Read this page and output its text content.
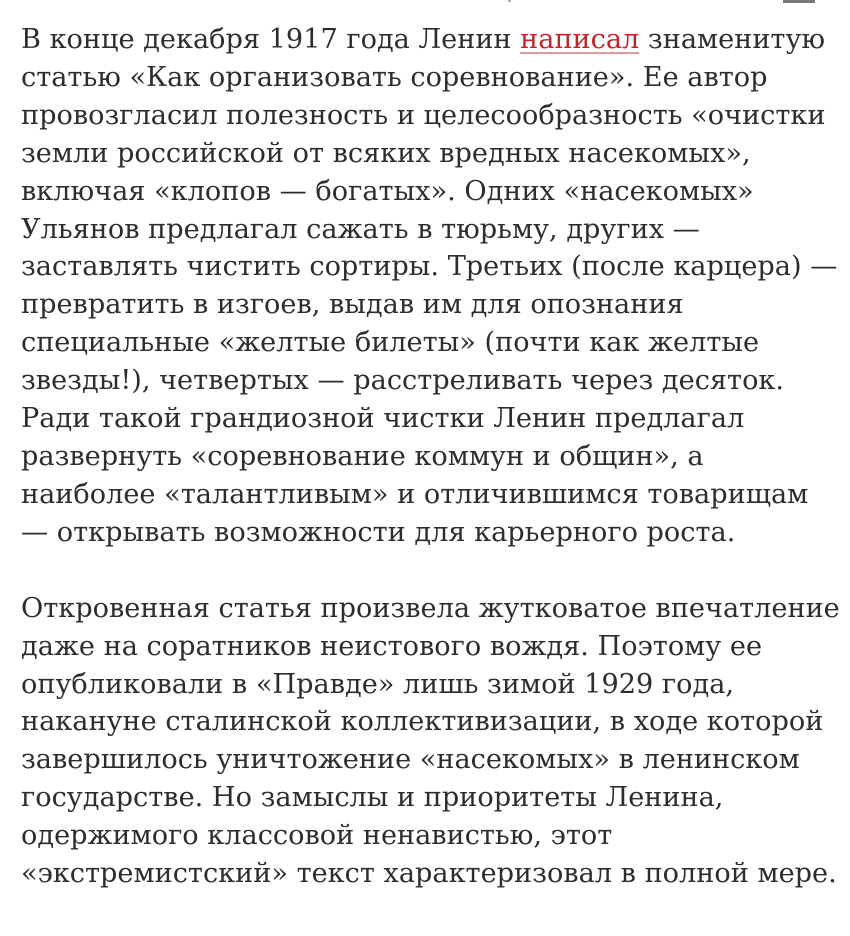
В конце декабря 1917 года Ленин написал знаменитую
статью «Как организовать соревнование». Ее автор
провозгласил полезность и целесообразность «очистки
земли российской от всяких вредных насекомых»,
включая «клопов — богатых». Одних «насекомых»
Ульянов предлагал сажать в тюрьму, других —
заставлять чистить сортиры. Третьих (после карцера) —
превратить в изгоев, выдав им для опознания
специальные «желтые билеты» (почти как желтые
звезды!), четвертых — расстреливать через десяток.
Ради такой грандиозной чистки Ленин предлагал
развернуть «соревнование коммун и общин», а
наиболее «талантливым» и отличившимся товарищам
— открывать возможности для карьерного роста.

Откровенная статья произвела жутковатое впечатление
даже на соратников неистового вождя. Поэтому ее
опубликовали в «Правде» лишь зимой 1929 года,
накануне сталинской коллективизации, в ходе которой
завершилось уничтожение «насекомых» в ленинском
государстве. Но замыслы и приоритеты Ленина,
одержимого классовой ненавистью, этот
«экстремистский» текст характеризовал в полной мере.
